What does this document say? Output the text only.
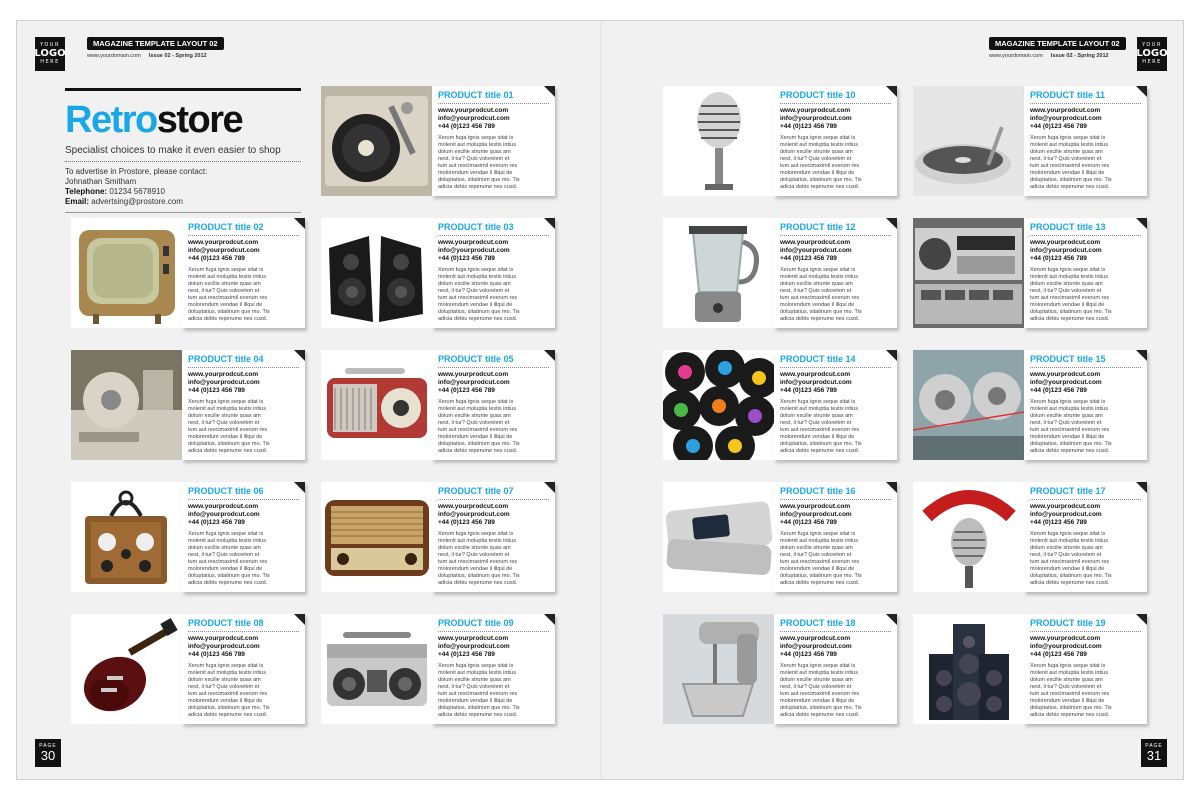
YOUR
LOGO
HERE
MAGAZINE TEMPLATE LAYOUT 02
www.yourdomain.com Issue 02 - Spring 2012
MAGAZINE TEMPLATE LAYOUT 02
www.yourdomain.com Issue 02 - Spring 2012
YOUR
LOGO
HERE
Retrostore
Specialist choices to make it even easier to shop
To advertise in Prostore, please contact:
Johnathan Smitham
Telephone: 01234 5678910
Email: advertsing@prostore.com
PRODUCT title 01
www.yourprodcut.com
info@yourprodcut.com
+44 (0)123 456 789
Xerum fuga tgnis seque sitat is
molenit aut moluptia testis intius
dolum escilie strunte quas am
nest, il tur? Quis volorelem et
tum aut rescimaximil everum res
molorendum vendae il illqui de
doluptatius, sitatinum que mo. Tis
adicia debis reperume nes cusd.
PRODUCT title 02
www.yourprodcut.com
info@yourprodcut.com
+44 (0)123 456 789
Xerum fuga tgnis seque sitat is
molenit aut moluptia testis intius
dolum escilie strunte quas am
nest, il tur? Quis volorelem et
tum aut rescimaximil everum res
molorendum vendae il illqui de
doluptatius, sitatinum que mo. Tis
adicia debis reperume nes cusd.
PRODUCT title 03
www.yourprodcut.com
info@yourprodcut.com
+44 (0)123 456 789
Xerum fuga tgnis seque sitat is
molenit aut moluptia testis intius
dolum escilie strunte quas am
nest, il tur? Quis volorelem et
tum aut rescimaximil everum res
molorendum vendae il illqui de
doluptatius, sitatinum que mo. Tis
adicia debis reperume nes cusd.
PRODUCT title 04
www.yourprodcut.com
info@yourprodcut.com
+44 (0)123 456 789
Xerum fuga tgnis seque sitat is
molenit aut moluptia testis intius
dolum escilie strunte quas am
nest, il tur? Quis volorelem et
tum aut rescimaximil everum res
molorendum vendae il illqui de
doluptatius, sitatinum que mo. Tis
adicia debis reperume nes cusd.
PRODUCT title 05
www.yourprodcut.com
info@yourprodcut.com
+44 (0)123 456 789
Xerum fuga tgnis seque sitat is
molenit aut moluptia testis intius
dolum escilie strunte quas am
nest, il tur? Quis volorelem et
tum aut rescimaximil everum res
molorendum vendae il illqui de
doluptatius, sitatinum que mo. Tis
adicia debis reperume nes cusd.
PRODUCT title 06
www.yourprodcut.com
info@yourprodcut.com
+44 (0)123 456 789
Xerum fuga tgnis seque sitat is
molenit aut moluptia testis intius
dolum escilie strunte quas am
nest, il tur? Quis volorelem et
tum aut rescimaximil everum res
molorendum vendae il illqui de
doluptatius, sitatinum que mo. Tis
adicia debis reperume nes cusd.
PRODUCT title 07
www.yourprodcut.com
info@yourprodcut.com
+44 (0)123 456 789
Xerum fuga tgnis seque sitat is
molenit aut moluptia testis intius
dolum escilie strunte quas am
nest, il tur? Quis volorelem et
tum aut rescimaximil everum res
molorendum vendae il illqui de
doluptatius, sitatinum que mo. Tis
adicia debis reperume nes cusd.
PRODUCT title 08
www.yourprodcut.com
info@yourprodcut.com
+44 (0)123 456 789
Xerum fuga tgnis seque sitat is
molenit aut moluptia testis intius
dolum escilie strunte quas am
nest, il tur? Quis volorelem et
tum aut rescimaximil everum res
molorendum vendae il illqui de
doluptatius, sitatinum que mo. Tis
adicia debis reperume nes cusd.
PRODUCT title 09
www.yourprodcut.com
info@yourprodcut.com
+44 (0)123 456 789
Xerum fuga tgnis seque sitat is
molenit aut moluptia testis intius
dolum escilie strunte quas am
nest, il tur? Quis volorelem et
tum aut rescimaximil everum res
molorendum vendae il illqui de
doluptatius, sitatinum que mo. Tis
adicia debis reperume nes cusd.
PRODUCT title 10
www.yourprodcut.com
info@yourprodcut.com
+44 (0)123 456 789
Xerum fuga tgnis seque sitat is
molenit aut moluptia testis intius
dolum escilie strunte quas am
nest, il tur? Quis volorelem et
tum aut rescimaximil everum res
molorendum vendae il illqui de
doluptatius, sitatinum que mo. Tis
adicia debis reperume nes cusd.
PRODUCT title 11
www.yourprodcut.com
info@yourprodcut.com
+44 (0)123 456 789
Xerum fuga tgnis seque sitat is
molenit aut moluptia testis intius
dolum escilie strunte quas am
nest, il tur? Quis volorelem et
tum aut rescimaximil everum res
molorendum vendae il illqui de
doluptatius, sitatinum que mo. Tis
adicia debis reperume nes cusd.
PRODUCT title 12
www.yourprodcut.com
info@yourprodcut.com
+44 (0)123 456 789
Xerum fuga tgnis seque sitat is
molenit aut moluptia testis intius
dolum escilie strunte quas am
nest, il tur? Quis volorelem et
tum aut rescimaximil everum res
molorendum vendae il illqui de
doluptatius, sitatinum que mo. Tis
adicia debis reperume nes cusd.
PRODUCT title 13
www.yourprodcut.com
info@yourprodcut.com
+44 (0)123 456 789
Xerum fuga tgnis seque sitat is
molenit aut moluptia testis intius
dolum escilie strunte quas am
nest, il tur? Quis volorelem et
tum aut rescimaximil everum res
molorendum vendae il illqui de
doluptatius, sitatinum que mo. Tis
adicia debis reperume nes cusd.
PRODUCT title 14
www.yourprodcut.com
info@yourprodcut.com
+44 (0)123 456 789
Xerum fuga tgnis seque sitat is
molenit aut moluptia testis intius
dolum escilie strunte quas am
nest, il tur? Quis volorelem et
tum aut rescimaximil everum res
molorendum vendae il illqui de
doluptatius, sitatinum que mo. Tis
adicia debis reperume nes cusd.
PRODUCT title 15
www.yourprodcut.com
info@yourprodcut.com
+44 (0)123 456 789
Xerum fuga tgnis seque sitat is
molenit aut moluptia testis intius
dolum escilie strunte quas am
nest, il tur? Quis volorelem et
tum aut rescimaximil everum res
molorendum vendae il illqui de
doluptatius, sitatinum que mo. Tis
adicia debis reperume nes cusd.
PRODUCT title 16
www.yourprodcut.com
info@yourprodcut.com
+44 (0)123 456 789
Xerum fuga tgnis seque sitat is
molenit aut moluptia testis intius
dolum escilie strunte quas am
nest, il tur? Quis volorelem et
tum aut rescimaximil everum res
molorendum vendae il illqui de
doluptatius, sitatinum que mo. Tis
adicia debis reperume nes cusd.
PRODUCT title 17
www.yourprodcut.com
info@yourprodcut.com
+44 (0)123 456 789
Xerum fuga tgnis seque sitat is
molenit aut moluptia testis intius
dolum escilie strunte quas am
nest, il tur? Quis volorelem et
tum aut rescimaximil everum res
molorendum vendae il illqui de
doluptatius, sitatinum que mo. Tis
adicia debis reperume nes cusd.
PRODUCT title 18
www.yourprodcut.com
info@yourprodcut.com
+44 (0)123 456 789
Xerum fuga tgnis seque sitat is
molenit aut moluptia testis intius
dolum escilie strunte quas am
nest, il tur? Quis volorelem et
tum aut rescimaximil everum res
molorendum vendae il illqui de
doluptatius, sitatinum que mo. Tis
adicia debis reperume nes cusd.
PRODUCT title 19
www.yourprodcut.com
info@yourprodcut.com
+44 (0)123 456 789
Xerum fuga tgnis seque sitat is
molenit aut moluptia testis intius
dolum escilie strunte quas am
nest, il tur? Quis volorelem et
tum aut rescimaximil everum res
molorendum vendae il illqui de
doluptatius, sitatinum que mo. Tis
adicia debis reperume nes cusd.
PAGE
30
PAGE
31
